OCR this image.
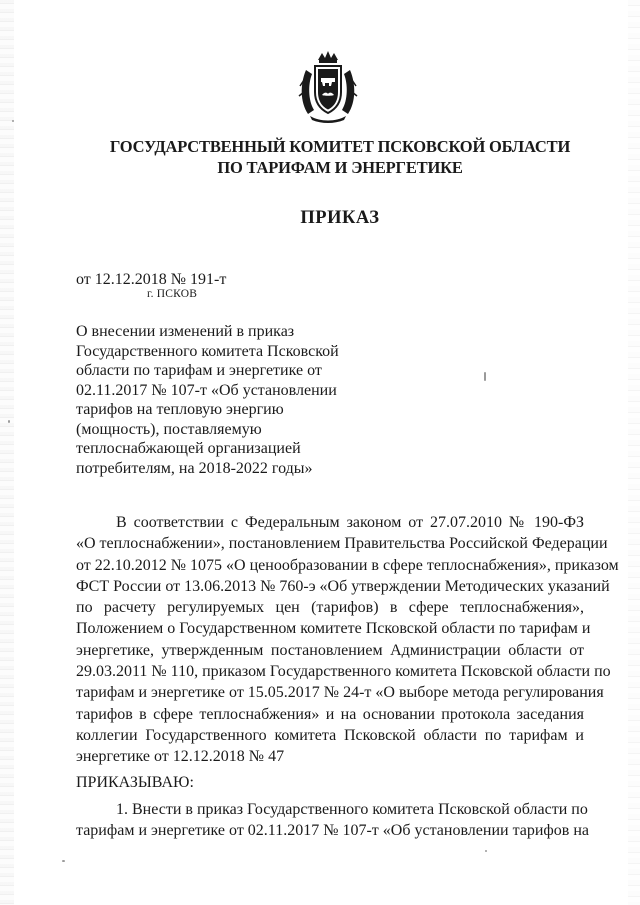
ГОСУДАРСТВЕННЫЙ КОМИТЕТ ПСКОВСКОЙ ОБЛАСТИ
ПО ТАРИФАМ И ЭНЕРГЕТИКЕ
ПРИКАЗ
от 12.12.2018 № 191-т
г. ПСКОВ
О внесении изменений в приказ
Государственного комитета Псковской
области по тарифам и энергетике от
02.11.2017 № 107-т «Об установлении
тарифов на тепловую энергию
(мощность), поставляемую
теплоснабжающей организацией
потребителям, на 2018-2022 годы»
В соответствии с Федеральным законом от 27.07.2010 № 190-ФЗ
«О теплоснабжении», постановлением Правительства Российской Федерации
от 22.10.2012 № 1075 «О ценообразовании в сфере теплоснабжения», приказом
ФСТ России от 13.06.2013 № 760-э «Об утверждении Методических указаний
по расчету регулируемых цен (тарифов) в сфере теплоснабжения»,
Положением о Государственном комитете Псковской области по тарифам и
энергетике, утвержденным постановлением Администрации области от
29.03.2011 № 110, приказом Государственного комитета Псковской области по
тарифам и энергетике от 15.05.2017 № 24-т «О выборе метода регулирования
тарифов в сфере теплоснабжения» и на основании протокола заседания
коллегии Государственного комитета Псковской области по тарифам и
энергетике от 12.12.2018 № 47
ПРИКАЗЫВАЮ:
1. Внести в приказ Государственного комитета Псковской области по
тарифам и энергетике от 02.11.2017 № 107-т «Об установлении тарифов на
